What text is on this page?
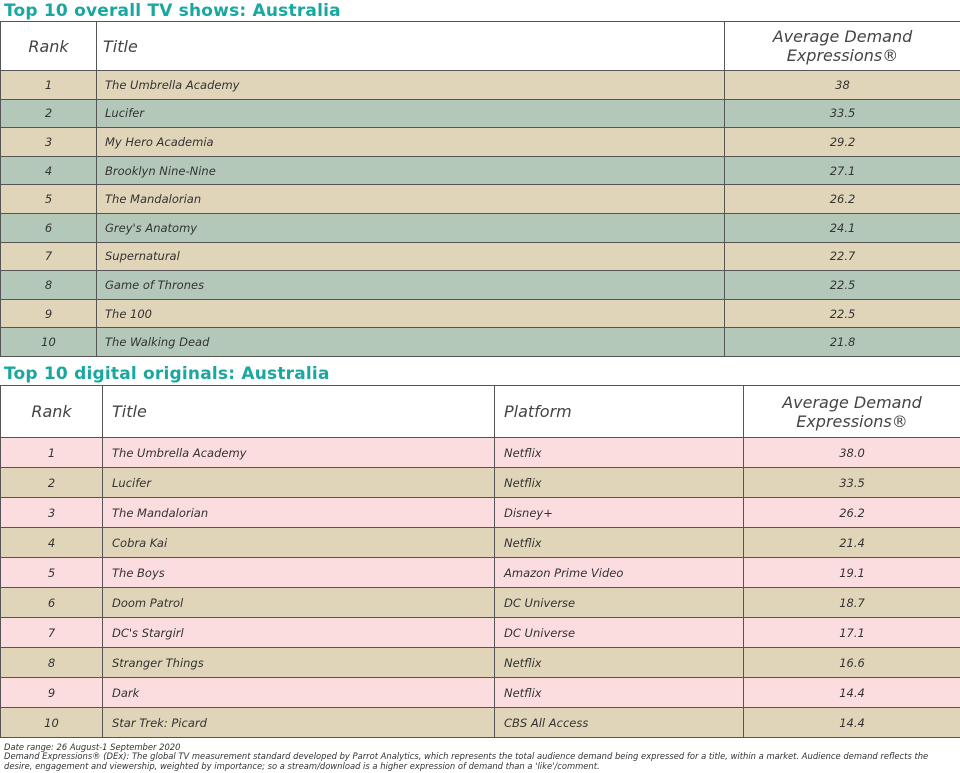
Top 10 overall TV shows: Australia
Rank	Title	Average Demand Expressions®
1	The Umbrella Academy	38
2	Lucifer	33.5
3	My Hero Academia	29.2
4	Brooklyn Nine-Nine	27.1
5	The Mandalorian	26.2
6	Grey's Anatomy	24.1
7	Supernatural	22.7
8	Game of Thrones	22.5
9	The 100	22.5
10	The Walking Dead	21.8
Top 10 digital originals: Australia
Rank	Title	Platform	Average Demand Expressions®
1	The Umbrella Academy	Netflix	38.0
2	Lucifer	Netflix	33.5
3	The Mandalorian	Disney+	26.2
4	Cobra Kai	Netflix	21.4
5	The Boys	Amazon Prime Video	19.1
6	Doom Patrol	DC Universe	18.7
7	DC's Stargirl	DC Universe	17.1
8	Stranger Things	Netflix	16.6
9	Dark	Netflix	14.4
10	Star Trek: Picard	CBS All Access	14.4
Date range: 26 August-1 September 2020
Demand Expressions® (DEx): The global TV measurement standard developed by Parrot Analytics, which represents the total audience demand being expressed for a title, within a market. Audience demand reflects the desire, engagement and viewership, weighted by importance; so a stream/download is a higher expression of demand than a 'like'/comment.
